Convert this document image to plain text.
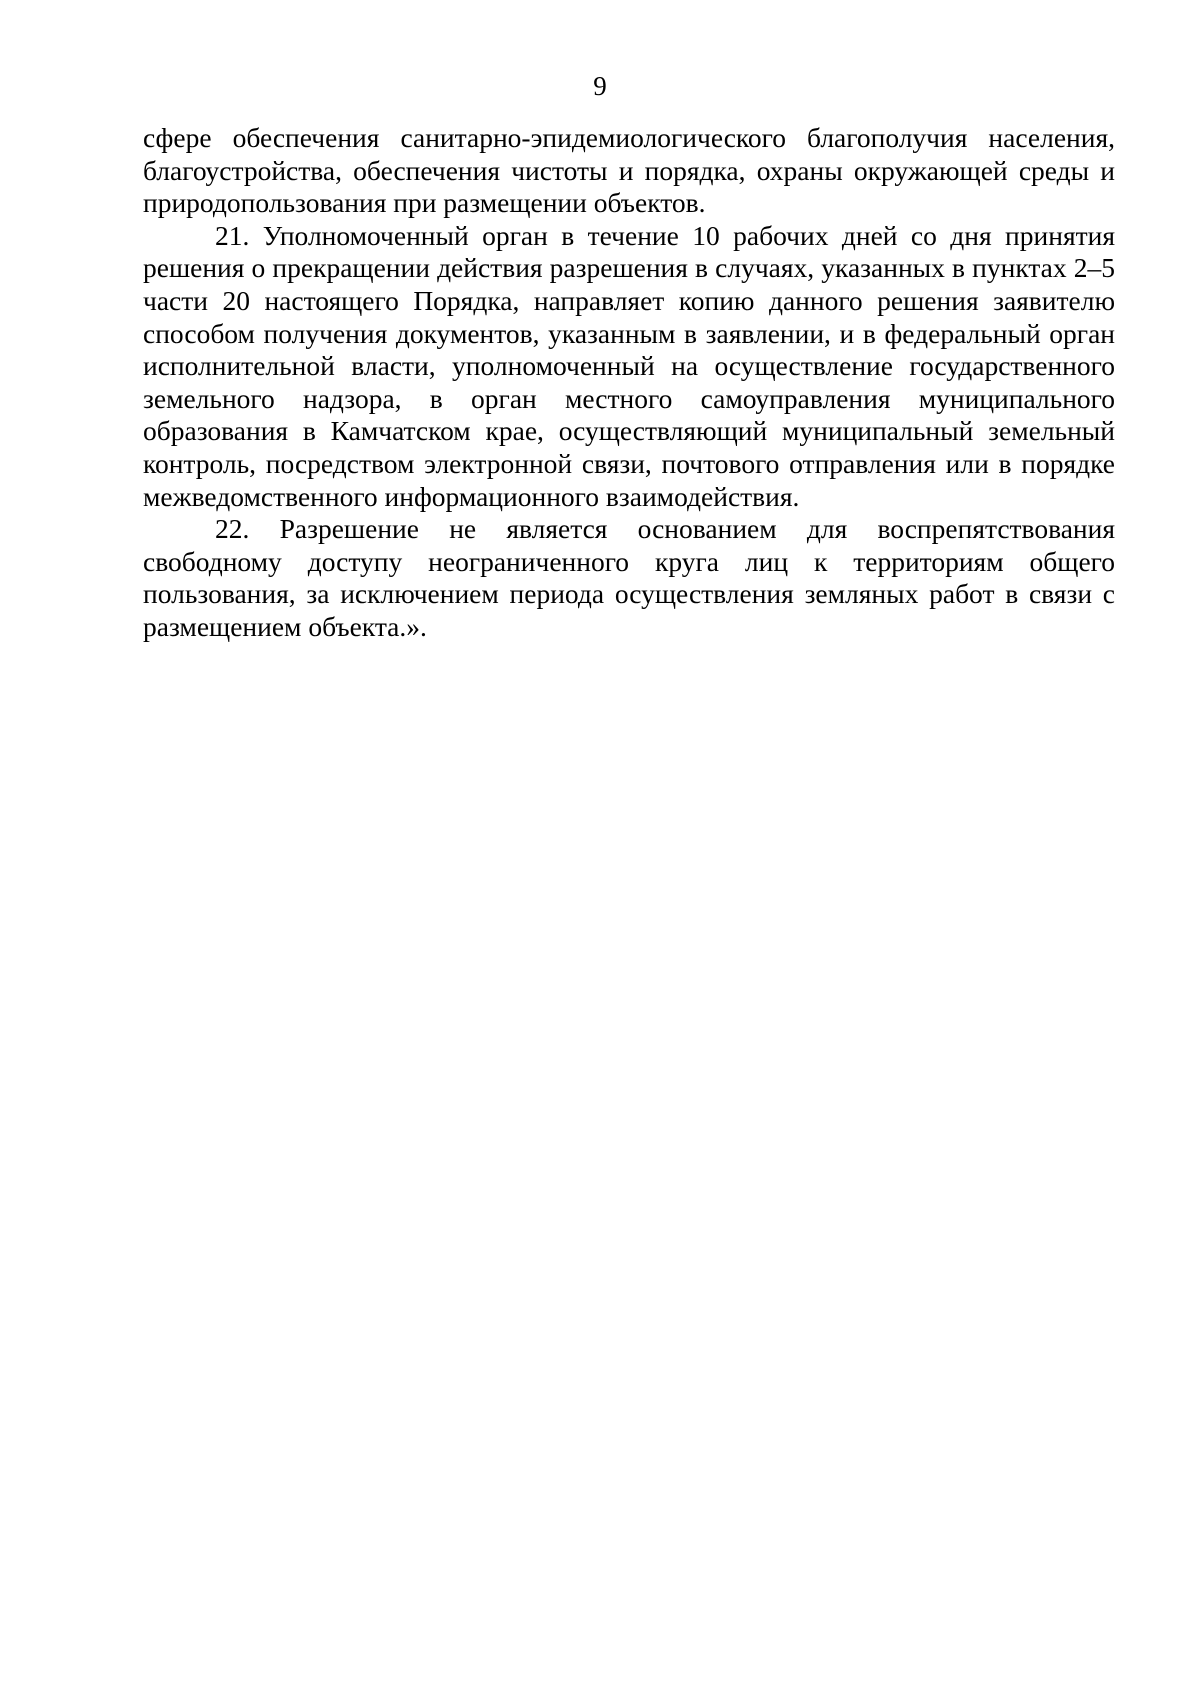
9

сфере обеспечения санитарно-эпидемиологического благополучия населения, благоустройства, обеспечения чистоты и порядка, охраны окружающей среды и природопользования при размещении объектов.

21. Уполномоченный орган в течение 10 рабочих дней со дня принятия решения о прекращении действия разрешения в случаях, указанных в пунктах 2–5 части 20 настоящего Порядка, направляет копию данного решения заявителю способом получения документов, указанным в заявлении, и в федеральный орган исполнительной власти, уполномоченный на осуществление государственного земельного надзора, в орган местного самоуправления муниципального образования в Камчатском крае, осуществляющий муниципальный земельный контроль, посредством электронной связи, почтового отправления или в порядке межведомственного информационного взаимодействия.

22. Разрешение не является основанием для воспрепятствования свободному доступу неограниченного круга лиц к территориям общего пользования, за исключением периода осуществления земляных работ в связи с размещением объекта.».
